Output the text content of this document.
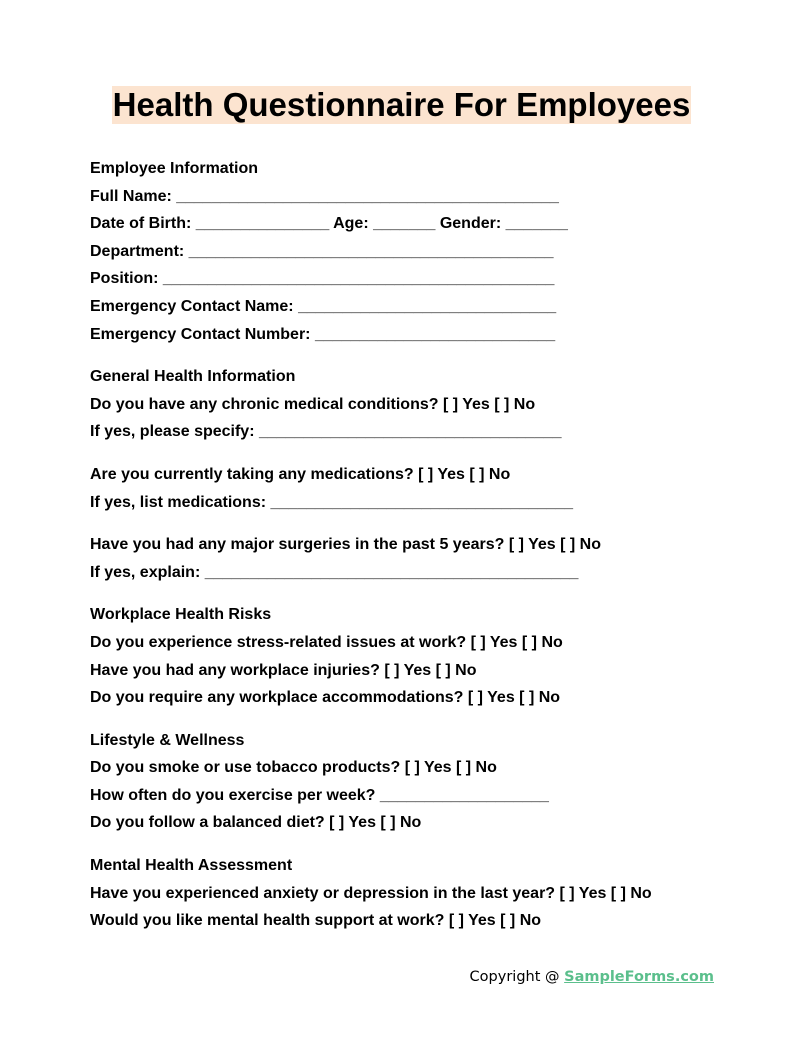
Health Questionnaire For Employees
Employee Information
Full Name: ___________________________________________
Date of Birth: _______________ Age: _______ Gender: _______
Department: _________________________________________
Position: ____________________________________________
Emergency Contact Name: _____________________________
Emergency Contact Number: ___________________________
General Health Information
Do you have any chronic medical conditions? [ ] Yes [ ] No
If yes, please specify: __________________________________
Are you currently taking any medications? [ ] Yes [ ] No
If yes, list medications: __________________________________
Have you had any major surgeries in the past 5 years? [ ] Yes [ ] No
If yes, explain: __________________________________________
Workplace Health Risks
Do you experience stress-related issues at work? [ ] Yes [ ] No
Have you had any workplace injuries? [ ] Yes [ ] No
Do you require any workplace accommodations? [ ] Yes [ ] No
Lifestyle & Wellness
Do you smoke or use tobacco products? [ ] Yes [ ] No
How often do you exercise per week? ___________________
Do you follow a balanced diet? [ ] Yes [ ] No
Mental Health Assessment
Have you experienced anxiety or depression in the last year? [ ] Yes [ ] No
Would you like mental health support at work? [ ] Yes [ ] No
Copyright @ SampleForms.com
